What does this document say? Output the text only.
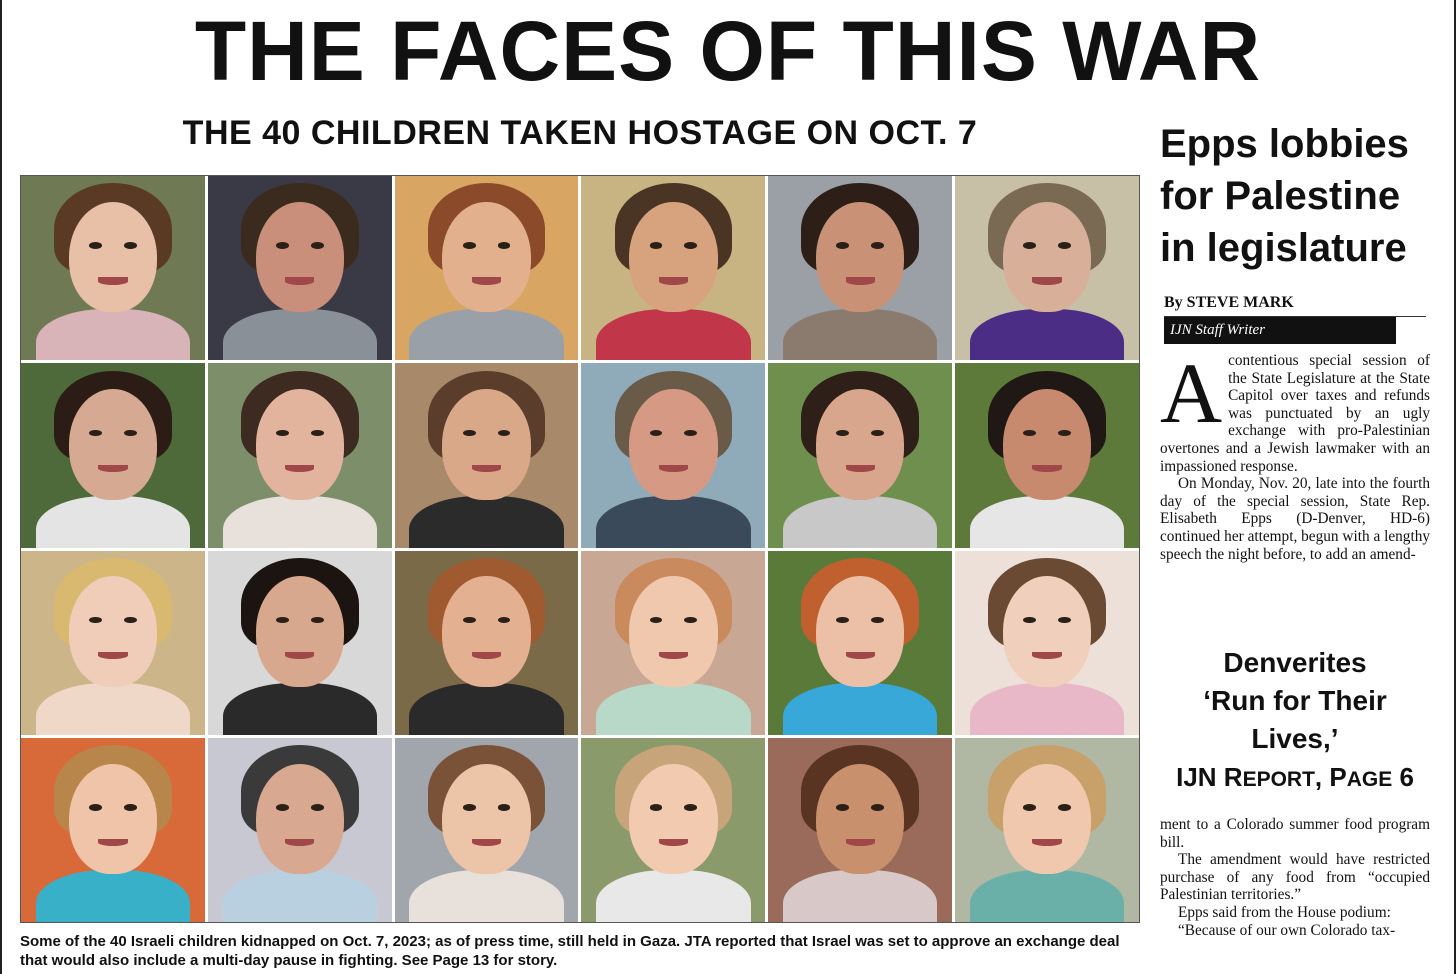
THE FACES OF THIS WAR
THE 40 CHILDREN TAKEN HOSTAGE ON OCT. 7
Some of the 40 Israeli children kidnapped on Oct. 7, 2023; as of press time, still held in Gaza. JTA reported that Israel was set to approve an exchange deal that would also include a multi-day pause in fighting. See Page 13 for story.
Epps lobbies
for Palestine
in legislature
By STEVE MARK
IJN Staff Writer
A contentious special session of the State Legislature at the State Capitol over taxes and refunds was punctuated by an ugly exchange with pro-Palestinian overtones and a Jewish lawmaker with an impassioned response.

On Monday, Nov. 20, late into the fourth day of the special session, State Rep. Elisabeth Epps (D-Denver, HD-6) continued her attempt, begun with a lengthy speech the night before, to add an amend-

Denverites
‘Run for Their
Lives,’
IJN REPORT, PAGE 6

ment to a Colorado summer food program bill.

The amendment would have restricted purchase of any food from “occupied Palestinian territories.”

Epps said from the House podium:

“Because of our own Colorado tax-
